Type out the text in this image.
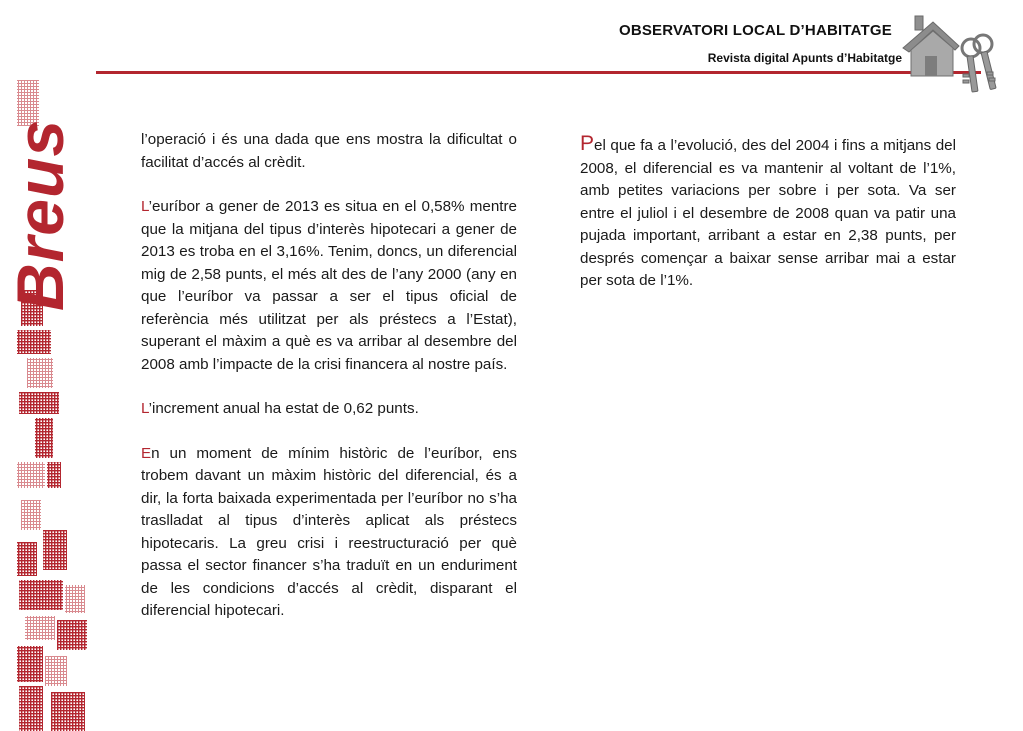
OBSERVATORI LOCAL D’HABITATGE
Revista digital Apunts d’Habitatge
Breus	l’operació i és una dada que ens mostra la dificultat o facilitat d’accés al crèdit.

L’euríbor a gener de 2013 es situa en el 0,58% mentre que la mitjana del tipus d’interès hipotecari a gener de 2013 es troba en el 3,16%. Tenim, doncs, un diferencial mig de 2,58 punts, el més alt des de l’any 2000 (any en que l’euríbor va passar a ser el tipus oficial de referència més utilitzat per als préstecs a l’Estat), superant el màxim a què es va arribar al desembre del 2008 amb l’impacte de la crisi financera al nostre país.

L’increment anual ha estat de 0,62 punts.

En un moment de mínim històric de l’euríbor, ens trobem davant un màxim històric del diferencial, és a dir, la forta baixada experimentada per l’euríbor no s’ha traslladat al tipus d’interès aplicat als préstecs hipotecaris. La greu crisi i reestructuració per què passa el sector financer s’ha traduït en un enduriment de les condicions d’accés al crèdit, disparant el diferencial hipotecari.

Pel que fa a l’evolució, des del 2004 i fins a mitjans del 2008, el diferencial es va mantenir al voltant de l’1%, amb petites variacions per sobre i per sota. Va ser entre el juliol i el desembre de 2008 quan va patir una pujada important, arribant a estar en 2,38 punts, per després començar a baixar sense arribar mai a estar per sota de l’1%.
